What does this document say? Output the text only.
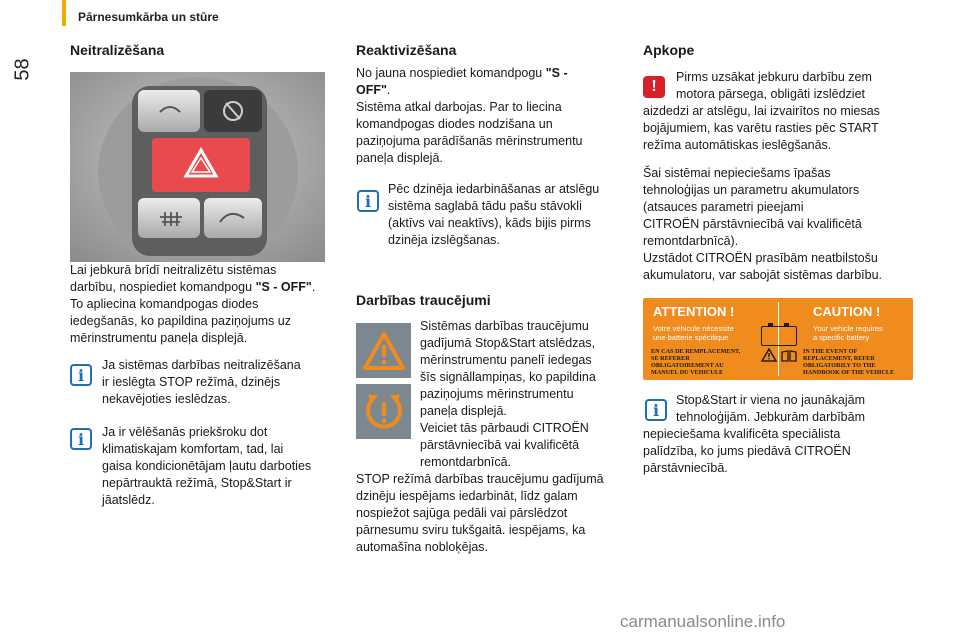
Pārnesumkārba un stūre
58
Neitralizēšana

Lai jebkurā brīdī neitralizētu sistēmas
darbību, nospiediet komandpogu "S - OFF".
To apliecina komandpogas diodes
iedegšanās, ko papildina paziņojums uz
mērinstrumentu paneļa displejā.

i

Ja sistēmas darbības neitralizēšana
ir ieslēgta STOP režīmā, dzinējs
nekavējoties ieslēdzas.

i	Ja ir vēlēšanās priekšroku dot
klimatiskajam komfortam, tad, lai
gaisa kondicionētājam ļautu darboties
nepārtrauktā režīmā, Stop&Start ir
jāatslēdz.

Reaktivizēšana

No jauna nospiediet komandpogu "S -
OFF".
Sistēma atkal darbojas. Par to liecina
komandpogas diodes nodzišana un
paziņojuma parādīšanās mērinstrumentu
paneļa displejā.

i

Pēc dzinēja iedarbināšanas ar atslēgu
sistēma saglabā tādu pašu stāvokli
(aktīvs vai neaktīvs), kāds bijis pirms
dzinēja izslēgšanas.

Darbības traucējumi

Sistēmas darbības traucējumu
gadījumā Stop&Start atslēdzas,
mērinstrumentu panelī iedegas
šīs signāllampiņas, ko papildina
paziņojums mērinstrumentu
paneļa displejā.
Veiciet tās pārbaudi CITROËN
pārstāvniecībā vai kvalificētā
remontdarbnīcā.

STOP režīmā darbības traucējumu gadījumā
dzinēju iespējams iedarbināt, līdz galam
nospiežot sajūga pedāli vai pārslēdzot
pārnesumu sviru tukšgaitā. iespējams, ka
automašīna nobloķējas.

Apkope
!

Pirms uzsākat jebkuru darbību zem
motora pārsega, obligāti izslēdziet

aizdedzi ar atslēgu, lai izvairītos no miesas
bojājumiem, kas varētu rasties pēc START
režīma automātiskas ieslēgšanās.

Šai sistēmai nepieciešams īpašas
tehnoloģijas un parametru akumulators
(atsauces parametri pieejami
CITROËN pārstāvniecībā vai kvalificētā
remontdarbnīcā).
Uzstādot CITROËN prasībām neatbilstošu
akumulatoru, var sabojāt sistēmas darbību.

ATTENTION !	CAUTION !
Votre véhicule nécessite
une batterie spécifique
Your vehicle requires
a specific battery
EN CAS DE REMPLACEMENT,
SE REFERER
OBLIGATOIREMENT AU
MANUEL DU VEHICULE
IN THE EVENT OF
REPLACEMENT, REFER
OBLIGATORILY TO THE
HANDBOOK OF THE VEHICLE
i

Stop&Start ir viena no jaunākajām
tehnoloģijām. Jebkurām darbībām

nepieciešama kvalificēta speciālista
palīdzība, ko jums piedāvā CITROËN
pārstāvniecībā.

carmanualsonline.info
